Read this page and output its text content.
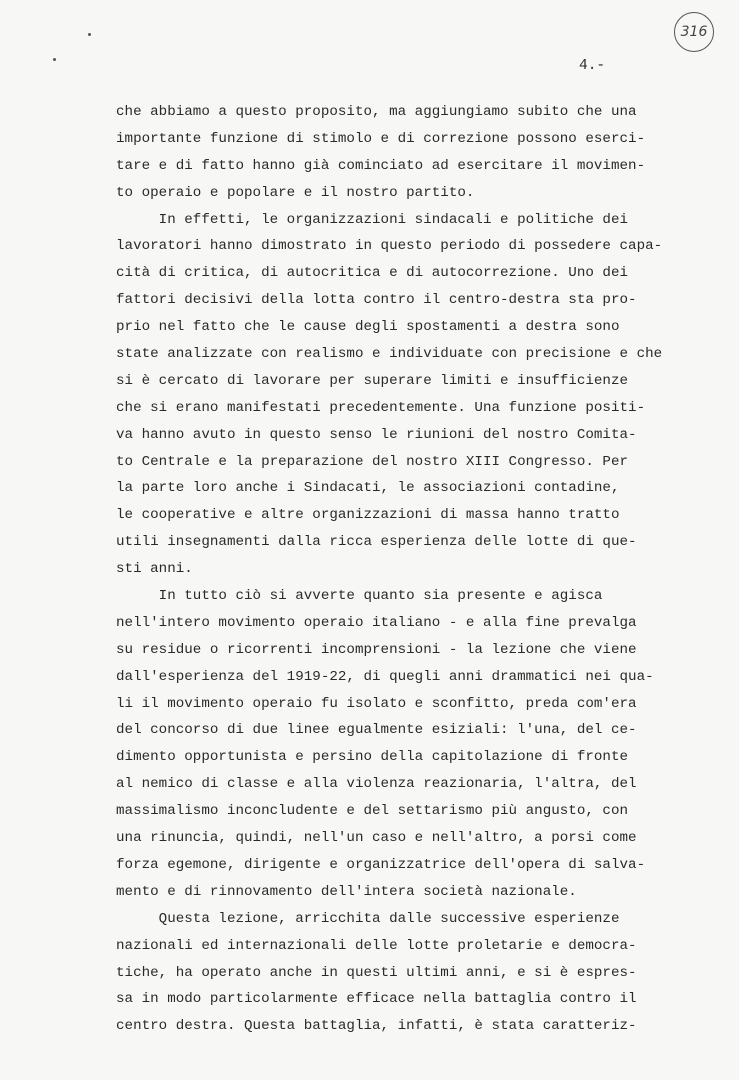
316
4.-
che abbiamo a questo proposito, ma aggiungiamo subito che una
importante funzione di stimolo e di correzione possono eserci-
tare e di fatto hanno già cominciato ad esercitare il movimen-
to operaio e popolare e il nostro partito.
In effetti, le organizzazioni sindacali e politiche dei
lavoratori hanno dimostrato in questo periodo di possedere capa-
cità di critica, di autocritica e di autocorrezione. Uno dei
fattori decisivi della lotta contro il centro-destra sta pro-
prio nel fatto che le cause degli spostamenti a destra sono
state analizzate con realismo e individuate con precisione e che
si è cercato di lavorare per superare limiti e insufficienze
che si erano manifestati precedentemente. Una funzione positi-
va hanno avuto in questo senso le riunioni del nostro Comita-
to Centrale e la preparazione del nostro XIII Congresso. Per
la parte loro anche i Sindacati, le associazioni contadine,
le cooperative e altre organizzazioni di massa hanno tratto
utili insegnamenti dalla ricca esperienza delle lotte di que-
sti anni.
In tutto ciò si avverte quanto sia presente e agisca
nell'intero movimento operaio italiano - e alla fine prevalga
su residue o ricorrenti incomprensioni - la lezione che viene
dall'esperienza del 1919-22, di quegli anni drammatici nei qua-
li il movimento operaio fu isolato e sconfitto, preda com'era
del concorso di due linee egualmente esiziali: l'una, del ce-
dimento opportunista e persino della capitolazione di fronte
al nemico di classe e alla violenza reazionaria, l'altra, del
massimalismo inconcludente e del settarismo più angusto, con
una rinuncia, quindi, nell'un caso e nell'altro, a porsi come
forza egemone, dirigente e organizzatrice dell'opera di salva-
mento e di rinnovamento dell'intera società nazionale.
Questa lezione, arricchita dalle successive esperienze
nazionali ed internazionali delle lotte proletarie e democra-
tiche, ha operato anche in questi ultimi anni, e si è espres-
sa in modo particolarmente efficace nella battaglia contro il
centro destra. Questa battaglia, infatti, è stata caratteriz-
